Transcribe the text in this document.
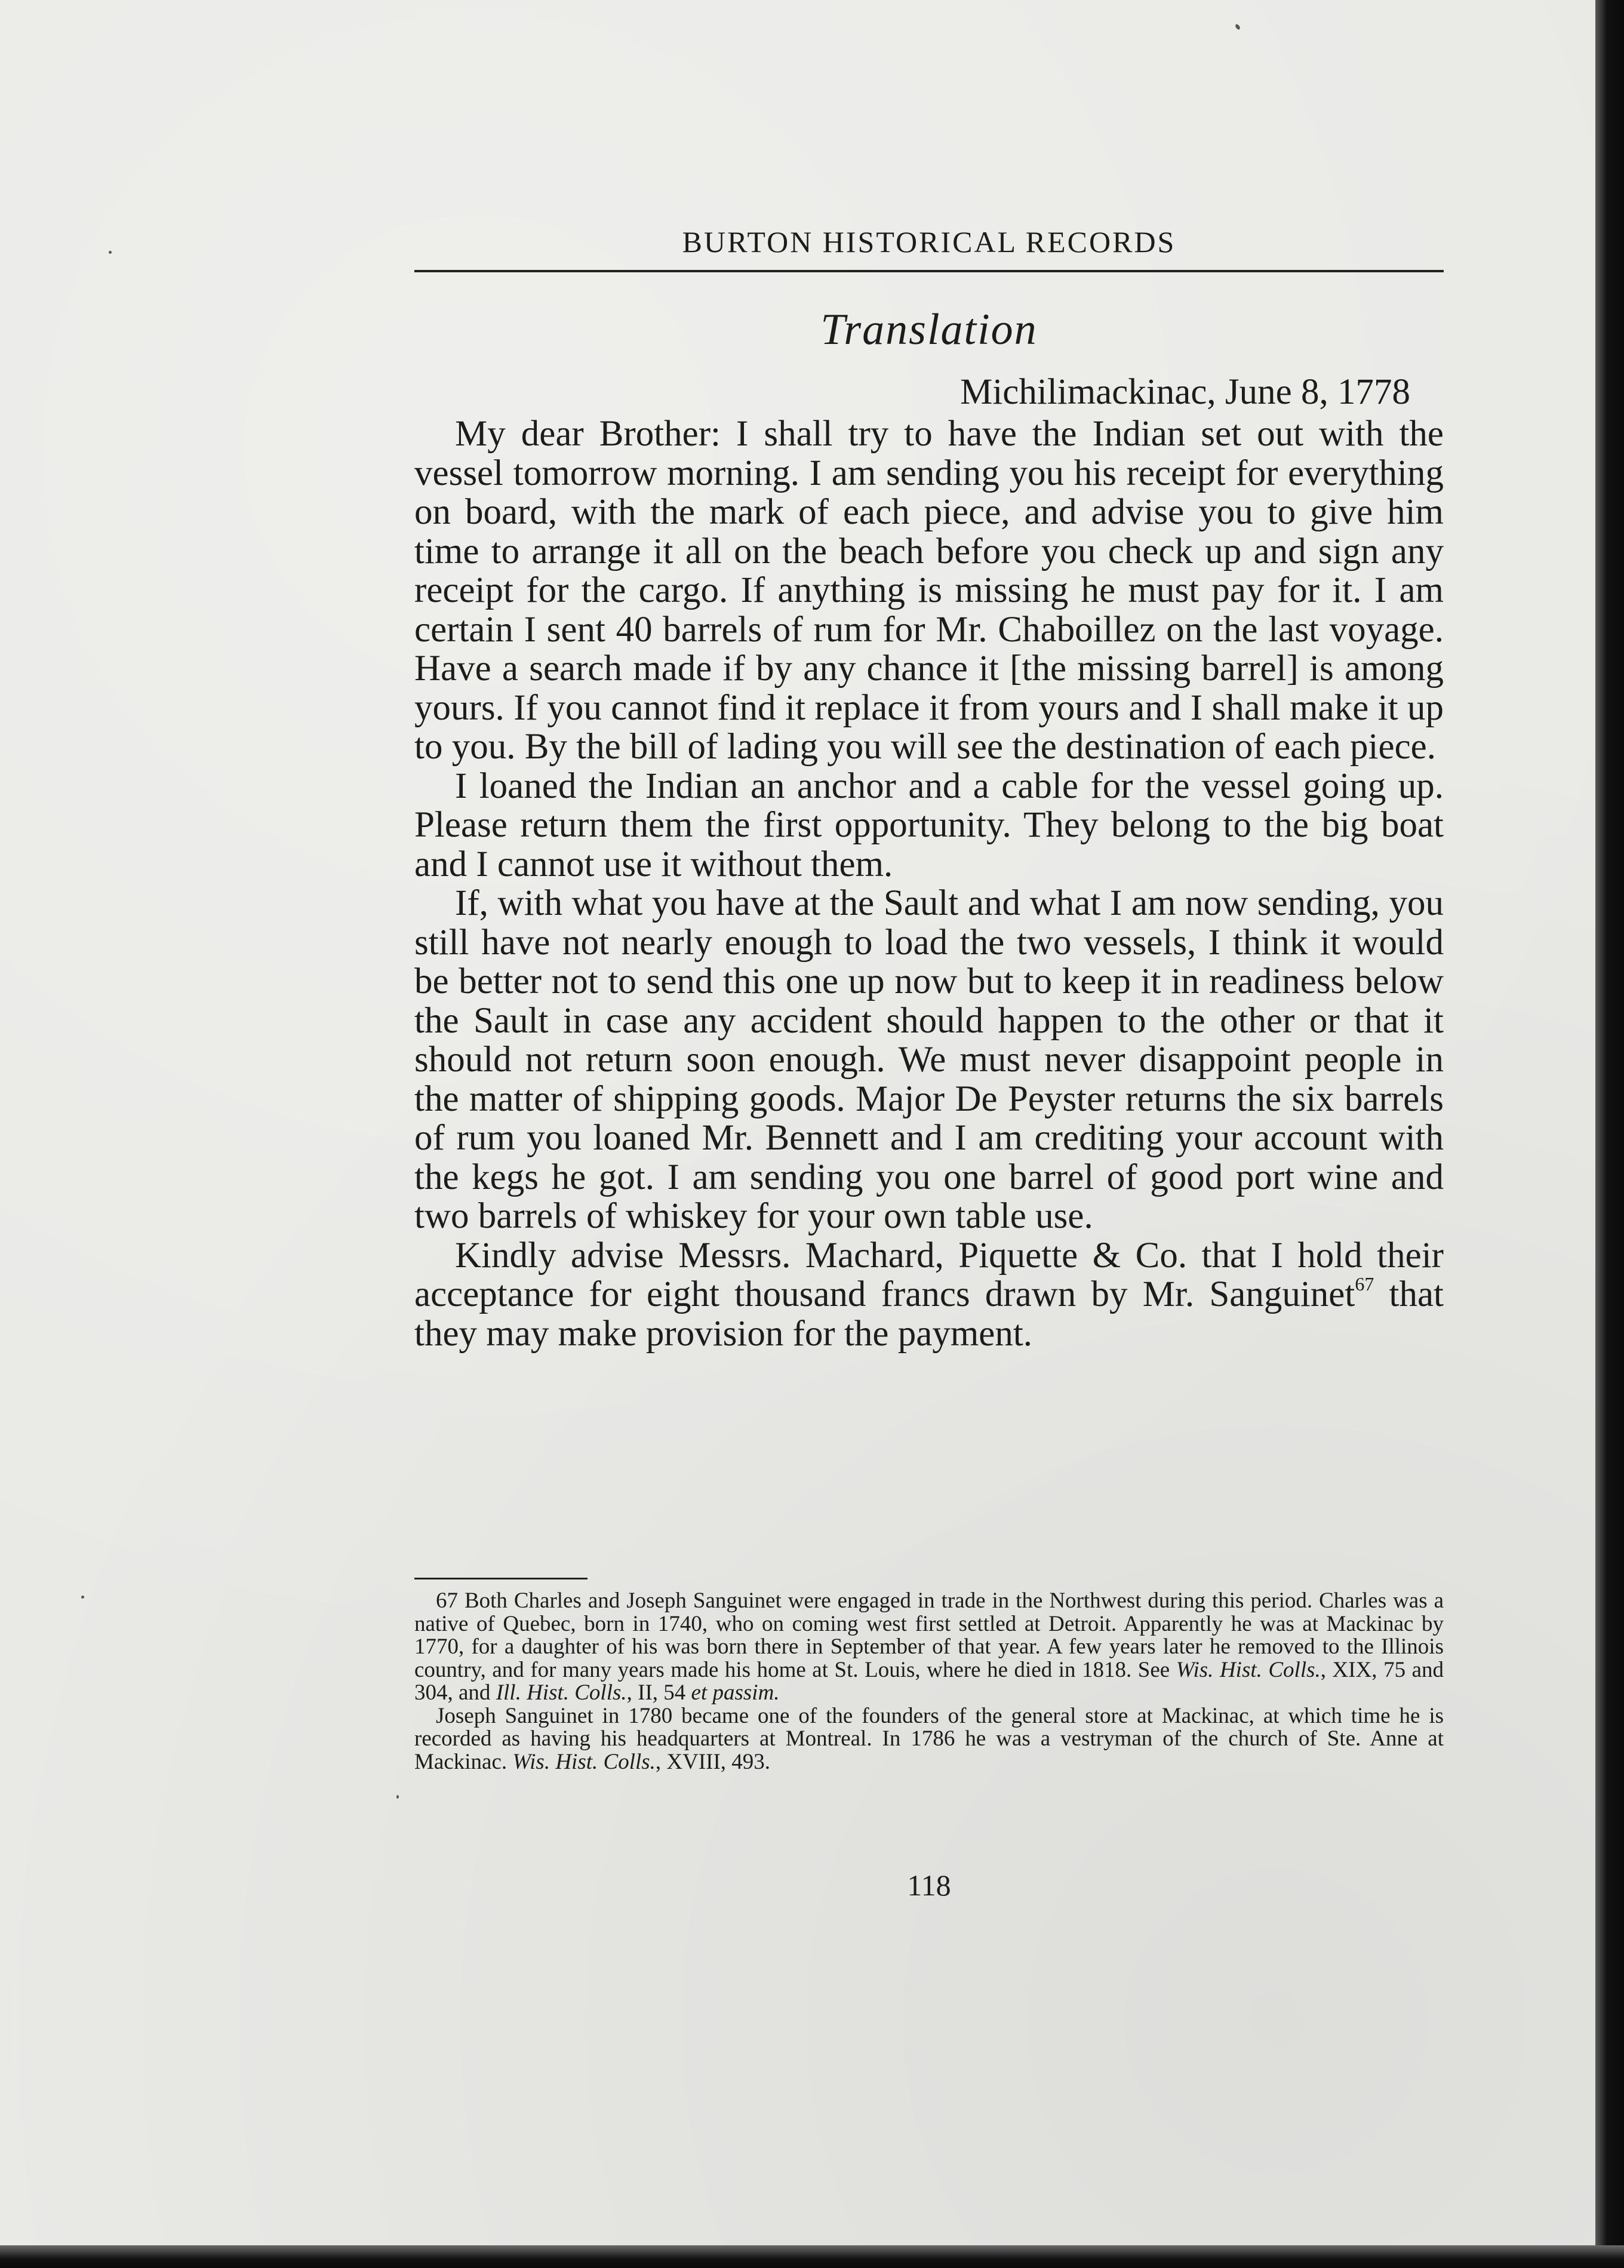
BURTON HISTORICAL RECORDS
Translation
Michilimackinac, June 8, 1778

My dear Brother: I shall try to have the Indian set out with the vessel tomorrow morning. I am sending you his receipt for everything on board, with the mark of each piece, and advise you to give him time to arrange it all on the beach before you check up and sign any receipt for the cargo. If anything is missing he must pay for it. I am certain I sent 40 barrels of rum for Mr. Chaboillez on the last voyage. Have a search made if by any chance it [the missing barrel] is among yours. If you cannot find it replace it from yours and I shall make it up to you. By the bill of lading you will see the destination of each piece.

I loaned the Indian an anchor and a cable for the vessel going up. Please return them the first opportunity. They belong to the big boat and I cannot use it without them.

If, with what you have at the Sault and what I am now sending, you still have not nearly enough to load the two vessels, I think it would be better not to send this one up now but to keep it in readiness below the Sault in case any accident should happen to the other or that it should not return soon enough. We must never disappoint people in the matter of shipping goods. Major De Peyster returns the six barrels of rum you loaned Mr. Bennett and I am crediting your account with the kegs he got. I am sending you one barrel of good port wine and two barrels of whiskey for your own table use.

Kindly advise Messrs. Machard, Piquette & Co. that I hold their acceptance for eight thousand francs drawn by Mr. Sanguinet$^{67}$ that they may make provision for the payment.

67 Both Charles and Joseph Sanguinet were engaged in trade in the Northwest during this period. Charles was a native of Quebec, born in 1740, who on coming west first settled at Detroit. Apparently he was at Mackinac by 1770, for a daughter of his was born there in September of that year. A few years later he removed to the Illinois country, and for many years made his home at St. Louis, where he died in 1818. See Wis. Hist. Colls., XIX, 75 and 304, and Ill. Hist. Colls., II, 54 et passim.

Joseph Sanguinet in 1780 became one of the founders of the general store at Mackinac, at which time he is recorded as having his headquarters at Montreal. In 1786 he was a vestryman of the church of Ste. Anne at Mackinac. Wis. Hist. Colls., XVIII, 493.

118
